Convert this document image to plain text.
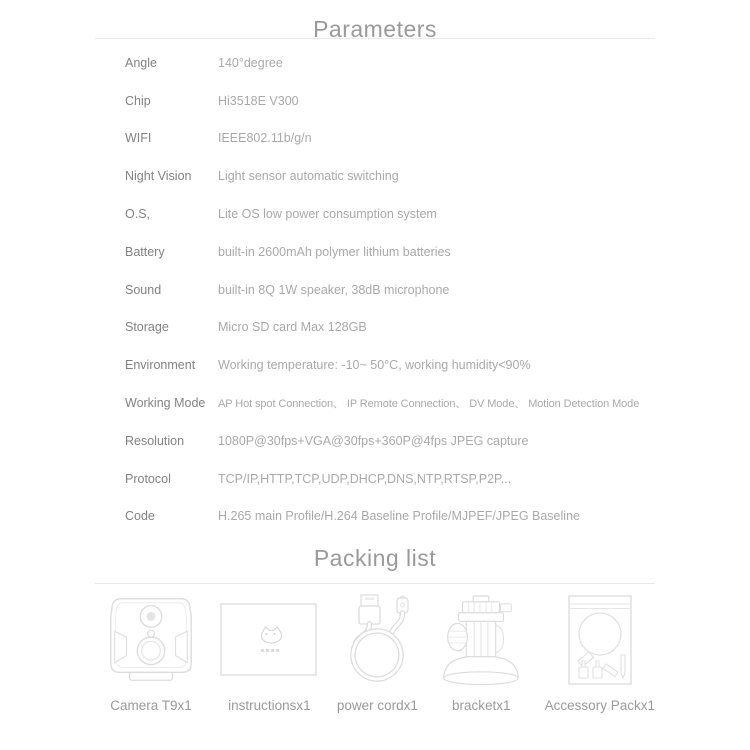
Parameters
Angle	140°degree
Chip	Hi3518E V300
WIFI	IEEE802.11b/g/n
Night Vision	Light sensor automatic switching
O.S,	Lite OS low power consumption system
Battery	built-in 2600mAh polymer lithium batteries
Sound	built-in 8Q 1W speaker, 38dB microphone
Storage	Micro SD card Max 128GB
Environment	Working temperature: -10~ 50°C, working humidity<90%
Working Mode	AP Hot spot Connection、 IP Remote Connection、 DV Mode、 Motion Detection Mode
Resolution	1080P@30fps+VGA@30fps+360P@4fps JPEG capture
Protocol	TCP/IP,HTTP,TCP,UDP,DHCP,DNS,NTP,RTSP,P2P...
Code	H.265 main Profile/H.264 Baseline Profile/MJPEF/JPEG Baseline
Packing list
Camera T9x1	instructionsx1 power cordx1	bracketx1	Accessory Packx1
